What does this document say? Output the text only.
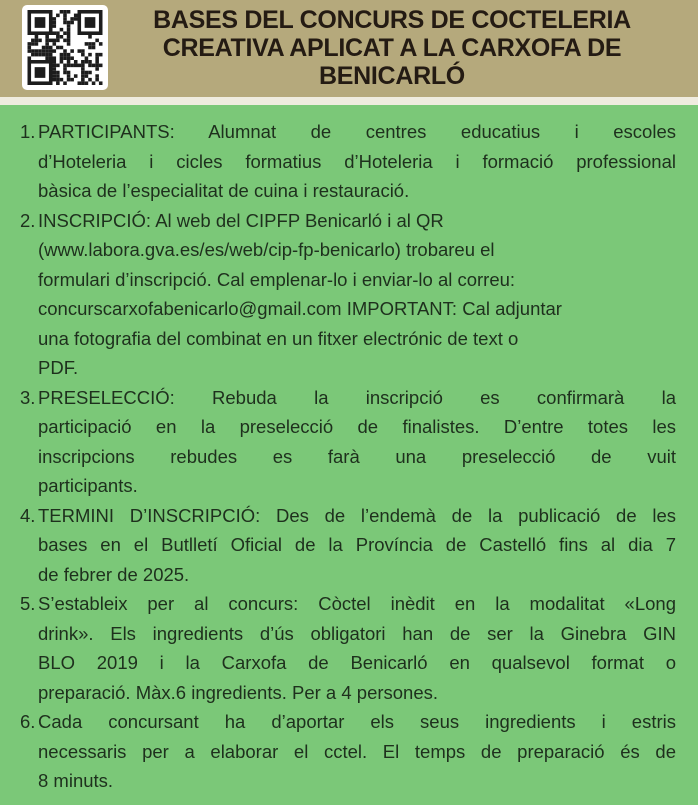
BASES DEL CONCURS DE COCTELERIA
CREATIVA APLICAT A LA CARXOFA DE
BENICARLÓ
1. PARTICIPANTS: Alumnat de centres educatius i escoles
d’Hoteleria i cicles formatius d’Hoteleria i formació professional
bàsica de l’especialitat de cuina i restauració.
2. INSCRIPCIÓ: Al web del CIPFP Benicarló i al QR
(www.labora.gva.es/es/web/cip-fp-benicarlo) trobareu el
formulari d’inscripció. Cal emplenar-lo i enviar-lo al correu:
concurscarxofabenicarlo@gmail.com IMPORTANT: Cal adjuntar
una fotografia del combinat en un fitxer electrónic de text o
PDF.
3. PRESELECCIÓ: Rebuda la inscripció es confirmarà la
participació en la preselecció de finalistes. D’entre totes les
inscripcions rebudes es farà una preselecció de vuit
participants.
4. TERMINI D’INSCRIPCIÓ: Des de l’endemà de la publicació de les
bases en el Butlletí Oficial de la Província de Castelló fins al dia 7
de febrer de 2025.
5. S’estableix per al concurs: Còctel inèdit en la modalitat «Long
drink». Els ingredients d’ús obligatori han de ser la Ginebra GIN
BLO 2019 i la Carxofa de Benicarló en qualsevol format o
preparació. Màx.6 ingredients. Per a 4 persones.
6. Cada concursant ha d’aportar els seus ingredients i estris
necessaris per a elaborar el cctel. El temps de preparació és de
8 minuts.
